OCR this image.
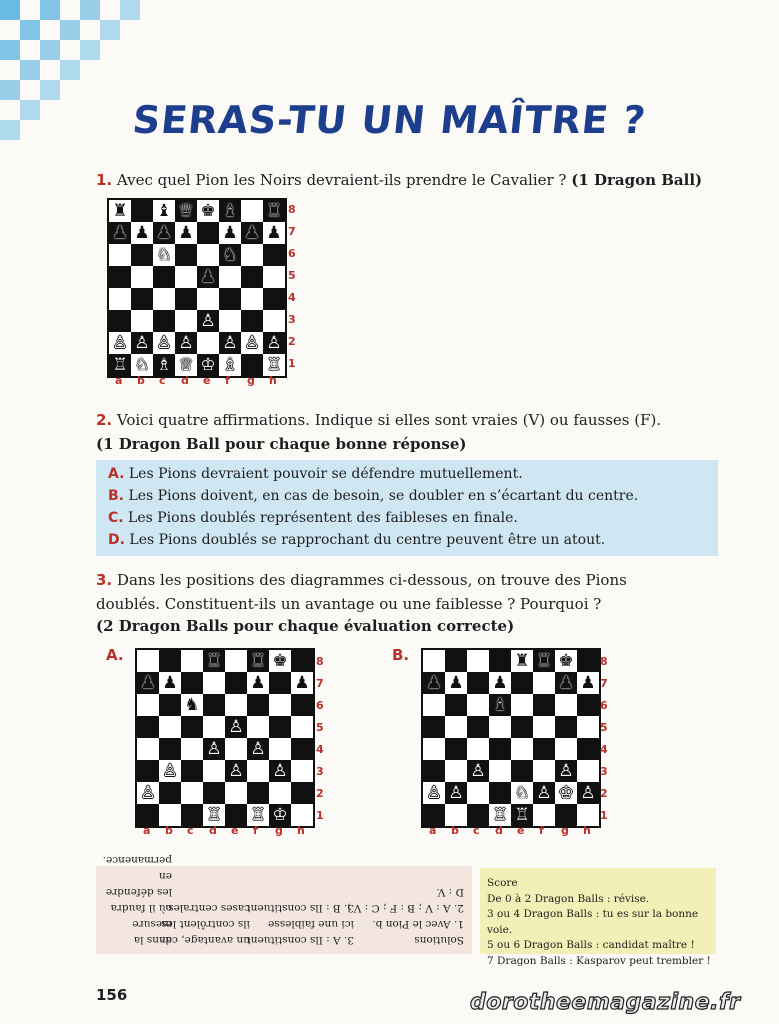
SERAS-TU UN MAÎTRE ?
1. Avec quel Pion les Noirs devraient-ils prendre le Cavalier ? (1 Dragon Ball)
♜ ♝ ♛ ♚ ♝ ♜
♟ ♟ ♟ ♟ ♟ ♟ ♟
♘	♞
♟
♙
♙ ♙ ♙ ♙ ♙ ♙ ♙
♖ ♘ ♗ ♕ ♔ ♗ ♖
8
7
6
5
4
3
2
1
a b c d e f g h
2. Voici quatre affirmations. Indique si elles sont vraies (V) ou fausses (F).
(1 Dragon Ball pour chaque bonne réponse)
A. Les Pions devraient pouvoir se défendre mutuellement.
B. Les Pions doivent, en cas de besoin, se doubler en s’écartant du centre.
C. Les Pions doublés représentent des faibleses en finale.
D. Les Pions doublés se rapprochant du centre peuvent être un atout.
3. Dans les positions des diagrammes ci-dessous, on trouve des Pions
doublés. Constituent-ils un avantage ou une faiblesse ? Pourquoi ?
(2 Dragon Balls pour chaque évaluation correcte)
A.	♜ ♜ ♚
♟ ♟	♟ ♟
♞
♙
♙ ♙
♙	♙ ♙
♙
♖ ♖ ♔
8
7
6
5
4
3
2
1
a b c d e f g h
B.	♜ ♜ ♚
♟ ♟ ♟	♟ ♟
♝
♙	♙
♙ ♙	♘ ♙ ♔ ♙
♖ ♖
8
7
6
5
4
3
2
1
a b c d e f g h
Solutions
1. Avec le Pion b.
2. A : V ; B : F ; C : V ;
D : V.
3. A : Ils constituent
ici une faiblesse
3. B : Ils constituent
un avantage, car
ils contrôlent les
cases centrales.
dans la mesure
où il faudra
les défendre
en permanence.
Score
De 0 à 2 Dragon Balls : révise.
3 ou 4 Dragon Balls : tu es sur la bonne voie.
5 ou 6 Dragon Balls : candidat maître !
7 Dragon Balls : Kasparov peut trembler !
156	dorotheemagazine.fr
